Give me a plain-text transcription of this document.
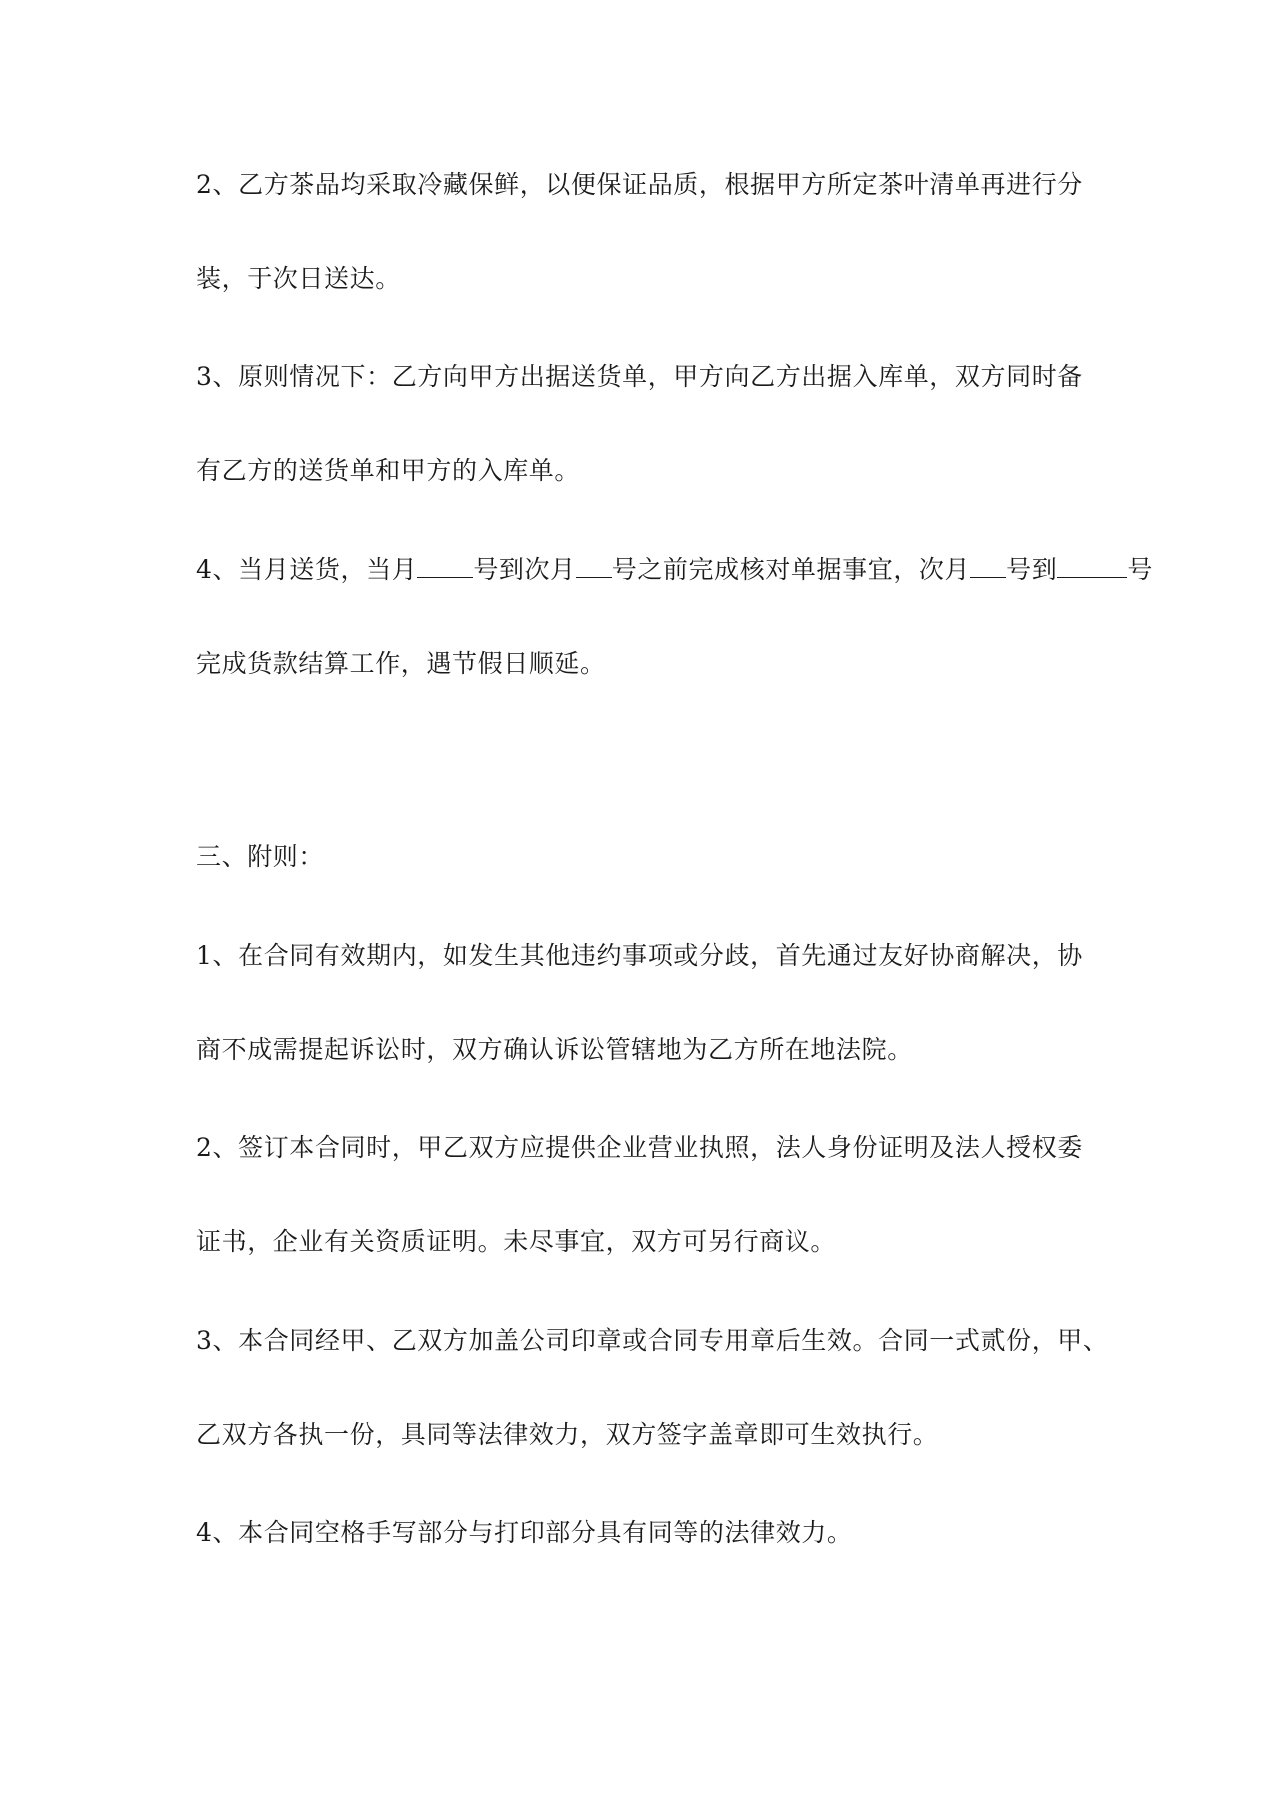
2、乙方茶品均采取冷藏保鲜，以便保证品质，根据甲方所定茶叶清单再进行分
装，于次日送达。
3、原则情况下：乙方向甲方出据送货单，甲方向乙方出据入库单，双方同时备
有乙方的送货单和甲方的入库单。
4、当月送货，当月 号到次月 号之前完成核对单据事宜，次月 号到	号
完成货款结算工作，遇节假日顺延。
三、附则：
1、在合同有效期内，如发生其他违约事项或分歧，首先通过友好协商解决，协
商不成需提起诉讼时，双方确认诉讼管辖地为乙方所在地法院。
2、签订本合同时，甲乙双方应提供企业营业执照，法人身份证明及法人授权委
证书，企业有关资质证明。未尽事宜，双方可另行商议。
3、本合同经甲、乙双方加盖公司印章或合同专用章后生效。合同一式贰份，甲、
乙双方各执一份，具同等法律效力，双方签字盖章即可生效执行。
4、本合同空格手写部分与打印部分具有同等的法律效力。
